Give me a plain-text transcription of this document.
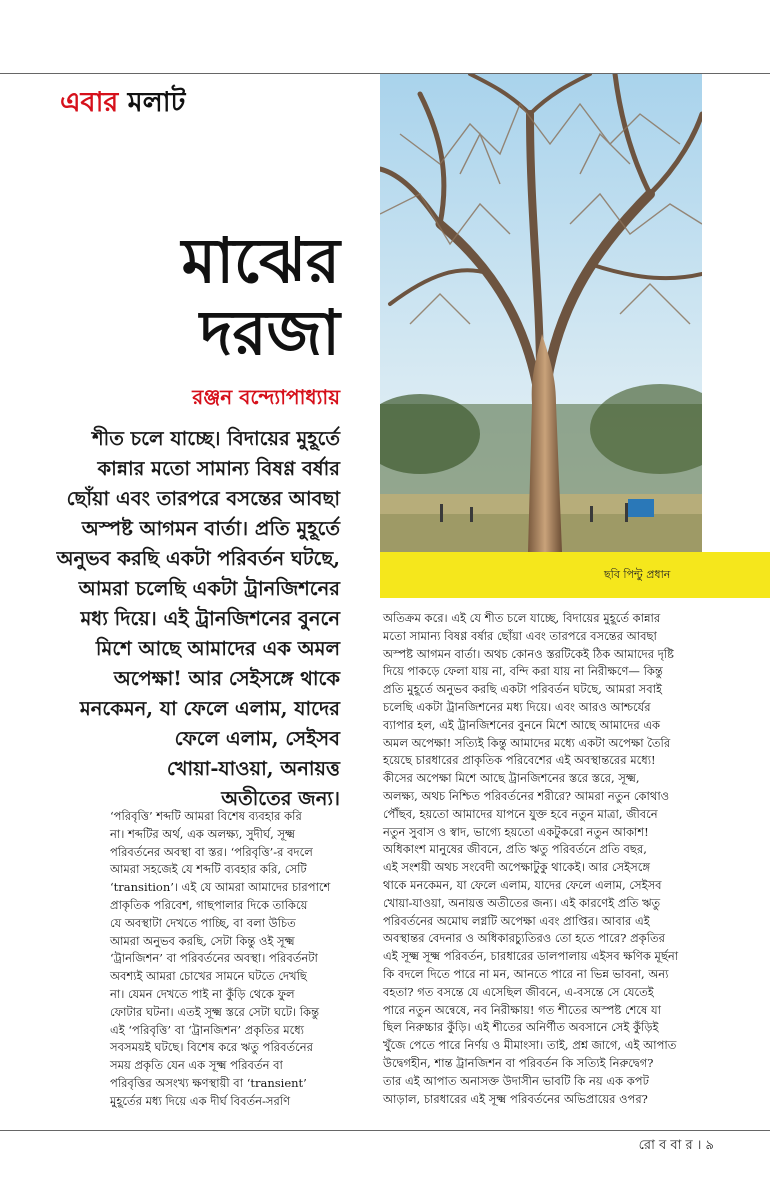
এবার মলাট
ছবি পিন্টু প্রধান
মাঝের
দরজা
রঞ্জন বন্দ্যোপাধ্যায়

শীত চলে যাচ্ছে। বিদায়ের মুহূর্তে

কান্নার মতো সামান্য বিষণ্ণ বর্ষার

ছোঁয়া এবং তারপরে বসন্তের আবছা

অস্পষ্ট আগমন বার্তা। প্রতি মুহূর্তে

অনুভব করছি একটা পরিবর্তন ঘটছে,

আমরা চলেছি একটা ট্রানজিশনের

মধ্য দিয়ে। এই ট্রানজিশনের বুননে

মিশে আছে আমাদের এক অমল

অপেক্ষা! আর সেইসঙ্গে থাকে

মনকেমন, যা ফেলে এলাম, যাদের

ফেলে এলাম, সেইসব

খোয়া-যাওয়া, অনায়ত্ত

অতীতের জন্য।

‘পরিবৃত্তি’ শব্দটি আমরা বিশেষ ব্যবহার করি

না। শব্দটির অর্থ, এক অলক্ষ্য, সুদীর্ঘ, সূক্ষ্ম

পরিবর্তনের অবস্থা বা স্তর। ‘পরিবৃত্তি’-র বদলে

আমরা সহজেই যে শব্দটি ব্যবহার করি, সেটি

‘transition’। এই যে আমরা আমাদের চারপাশে

প্রাকৃতিক পরিবেশ, গাছপালার দিকে তাকিয়ে

যে অবস্থাটা দেখতে পাচ্ছি, বা বলা উচিত

আমরা অনুভব করছি, সেটা কিন্তু ওই সূক্ষ্ম

‘ট্রানজিশন’ বা পরিবর্তনের অবস্থা। পরিবর্তনটা

অবশ্যই আমরা চোখের সামনে ঘটতে দেখছি

না। যেমন দেখতে পাই না কুঁড়ি থেকে ফুল

ফোটার ঘটনা। এতই সূক্ষ্ম স্তরে সেটা ঘটে। কিন্তু

এই ‘পরিবৃত্তি’ বা ‘ট্রানজিশন’ প্রকৃতির মধ্যে

সবসময়ই ঘটছে। বিশেষ করে ঋতু পরিবর্তনের

সময় প্রকৃতি যেন এক সূক্ষ্ম পরিবর্তন বা

পরিবৃত্তির অসংখ্য ক্ষণস্থায়ী বা ‘transient’

মুহূর্তের মধ্য দিয়ে এক দীর্ঘ বিবর্তন-সরণি

অতিক্রম করে। এই যে শীত চলে যাচ্ছে, বিদায়ের মুহূর্তে কান্নার

মতো সামান্য বিষণ্ণ বর্ষার ছোঁয়া এবং তারপরে বসন্তের আবছা

অস্পষ্ট আগমন বার্তা। অথচ কোনও স্তরটিকেই ঠিক আমাদের দৃষ্টি

দিয়ে পাকড়ে ফেলা যায় না, বন্দি করা যায় না নিরীক্ষণে— কিন্তু

প্রতি মুহূর্তে অনুভব করছি একটা পরিবর্তন ঘটছে, আমরা সবাই

চলেছি একটা ট্রানজিশনের মধ্য দিয়ে। এবং আরও আশ্চর্যের

ব্যাপার হল, এই ট্রানজিশনের বুননে মিশে আছে আমাদের এক

অমল অপেক্ষা! সত্যিই কিন্তু আমাদের মধ্যে একটা অপেক্ষা তৈরি

হয়েছে চারধারের প্রাকৃতিক পরিবেশের এই অবস্থান্তরের মধ্যে!

কীসের অপেক্ষা মিশে আছে ট্রানজিশনের স্তরে স্তরে, সূক্ষ্ম,

অলক্ষ্য, অথচ নিশ্চিত পরিবর্তনের শরীরে? আমরা নতুন কোথাও

পৌঁছব, হয়তো আমাদের যাপনে যুক্ত হবে নতুন মাত্রা, জীবনে

নতুন সুবাস ও স্বাদ, ভাগ্যে হয়তো একটুকরো নতুন আকাশ!

অধিকাংশ মানুষের জীবনে, প্রতি ঋতু পরিবর্তনে প্রতি বছর,

এই সংশয়ী অথচ সংবেদী অপেক্ষাটুকু থাকেই। আর সেইসঙ্গে

থাকে মনকেমন, যা ফেলে এলাম, যাদের ফেলে এলাম, সেইসব

খোয়া-যাওয়া, অনায়ত্ত অতীতের জন্য। এই কারণেই প্রতি ঋতু

পরিবর্তনের অমোঘ লগ্নটি অপেক্ষা এবং প্রাপ্তির। আবার এই

অবস্থান্তর বেদনার ও অধিকারচ্যুতিরও তো হতে পারে? প্রকৃতির

এই সূক্ষ্ম সূক্ষ্ম পরিবর্তন, চারধারের ডালপালায় এইসব ক্ষণিক মূর্ছনা

কি বদলে দিতে পারে না মন, আনতে পারে না ভিন্ন ভাবনা, অন্য

বহতা? গত বসন্তে যে এসেছিল জীবনে, এ-বসন্তে সে যেতেই

পারে নতুন অন্বেষে, নব নিরীক্ষায়! গত শীতের অস্পষ্ট শেষে যা

ছিল নিরুচ্চার কুঁড়ি। এই শীতের অনির্ণীত অবসানে সেই কুঁড়িই

খুঁজে পেতে পারে নির্ণয় ও মীমাংসা। তাই, প্রশ্ন জাগে, এই আপাত

উদ্বেগহীন, শান্ত ট্রানজিশন বা পরিবর্তন কি সত্যিই নিরুদ্বেগ?

তার এই আপাত অনাসক্ত উদাসীন ভাবটি কি নয় এক কপট

আড়াল, চারধারের এই সূক্ষ্ম পরিবর্তনের অভিপ্রায়ের ওপর?

রো ব বা র । ৯
